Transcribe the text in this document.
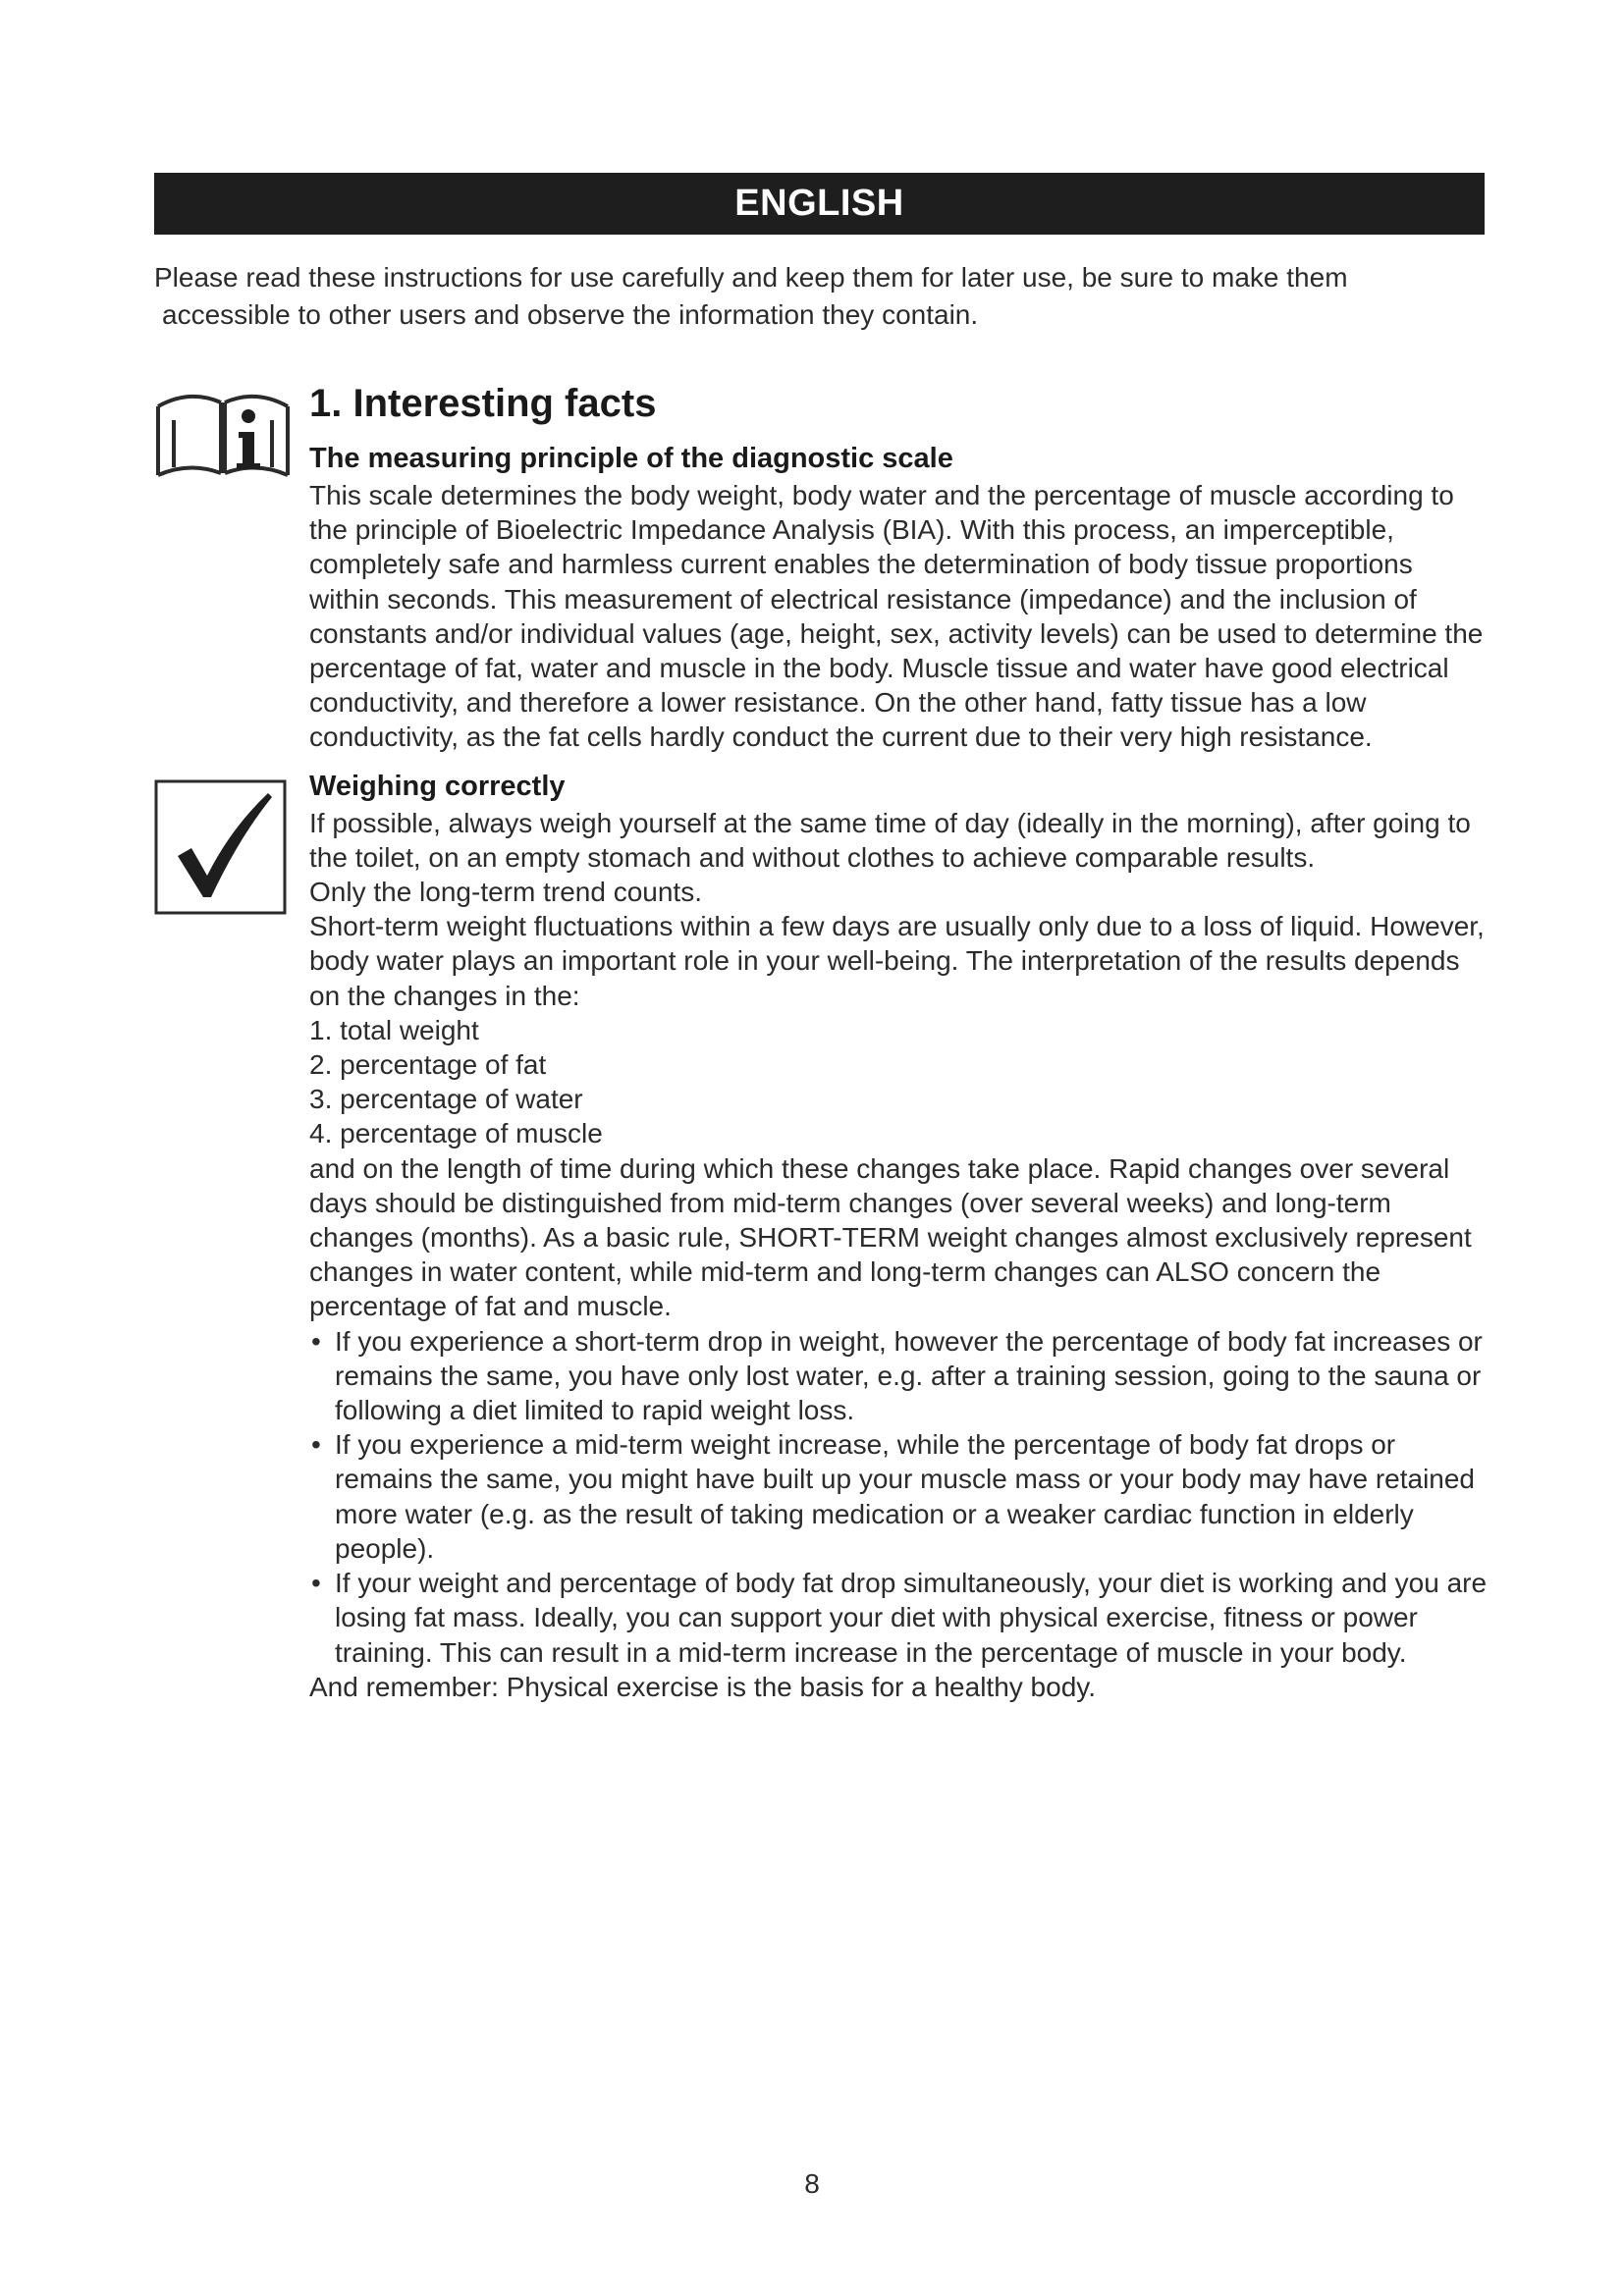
ENGLISH

Please read these instructions for use carefully and keep them for later use, be sure to make them

accessible to other users and observe the information they contain.

1. Interesting facts
The measuring principle of the diagnostic scale

This scale determines the body weight, body water and the percentage of muscle according to the principle of Bioelectric Impedance Analysis (BIA). With this process, an imperceptible, completely safe and harmless current enables the determination of body tissue proportions within seconds. This measurement of electrical resistance (impedance) and the inclusion of constants and/or individual values (age, height, sex, activity levels) can be used to determine the percentage of fat, water and muscle in the body. Muscle tissue and water have good electrical conductivity, and therefore a lower resistance. On the other hand, fatty tissue has a low conductivity, as the fat cells hardly conduct the current due to their very high resistance.

Weighing correctly

If possible, always weigh yourself at the same time of day (ideally in the morning), after going to the toilet, on an empty stomach and without clothes to achieve comparable results.

Only the long-term trend counts.

Short-term weight fluctuations within a few days are usually only due to a loss of liquid. However, body water plays an important role in your well-being. The interpretation of the results depends on the changes in the:

1. total weight
2. percentage of fat
3. percentage of water
4. percentage of muscle

and on the length of time during which these changes take place. Rapid changes over several days should be distinguished from mid-term changes (over several weeks) and long-term changes (months). As a basic rule, SHORT-TERM weight changes almost exclusively represent changes in water content, while mid-term and long-term changes can ALSO concern the percentage of fat and muscle.

• If you experience a short-term drop in weight, however the percentage of body fat increases or remains the same, you have only lost water, e.g. after a training session, going to the sauna or following a diet limited to rapid weight loss.
• If you experience a mid-term weight increase, while the percentage of body fat drops or remains the same, you might have built up your muscle mass or your body may have retained more water (e.g. as the result of taking medication or a weaker cardiac function in elderly people).
• If your weight and percentage of body fat drop simultaneously, your diet is working and you are losing fat mass. Ideally, you can support your diet with physical exercise, fitness or power training. This can result in a mid-term increase in the percentage of muscle in your body.

And remember: Physical exercise is the basis for a healthy body.

8
